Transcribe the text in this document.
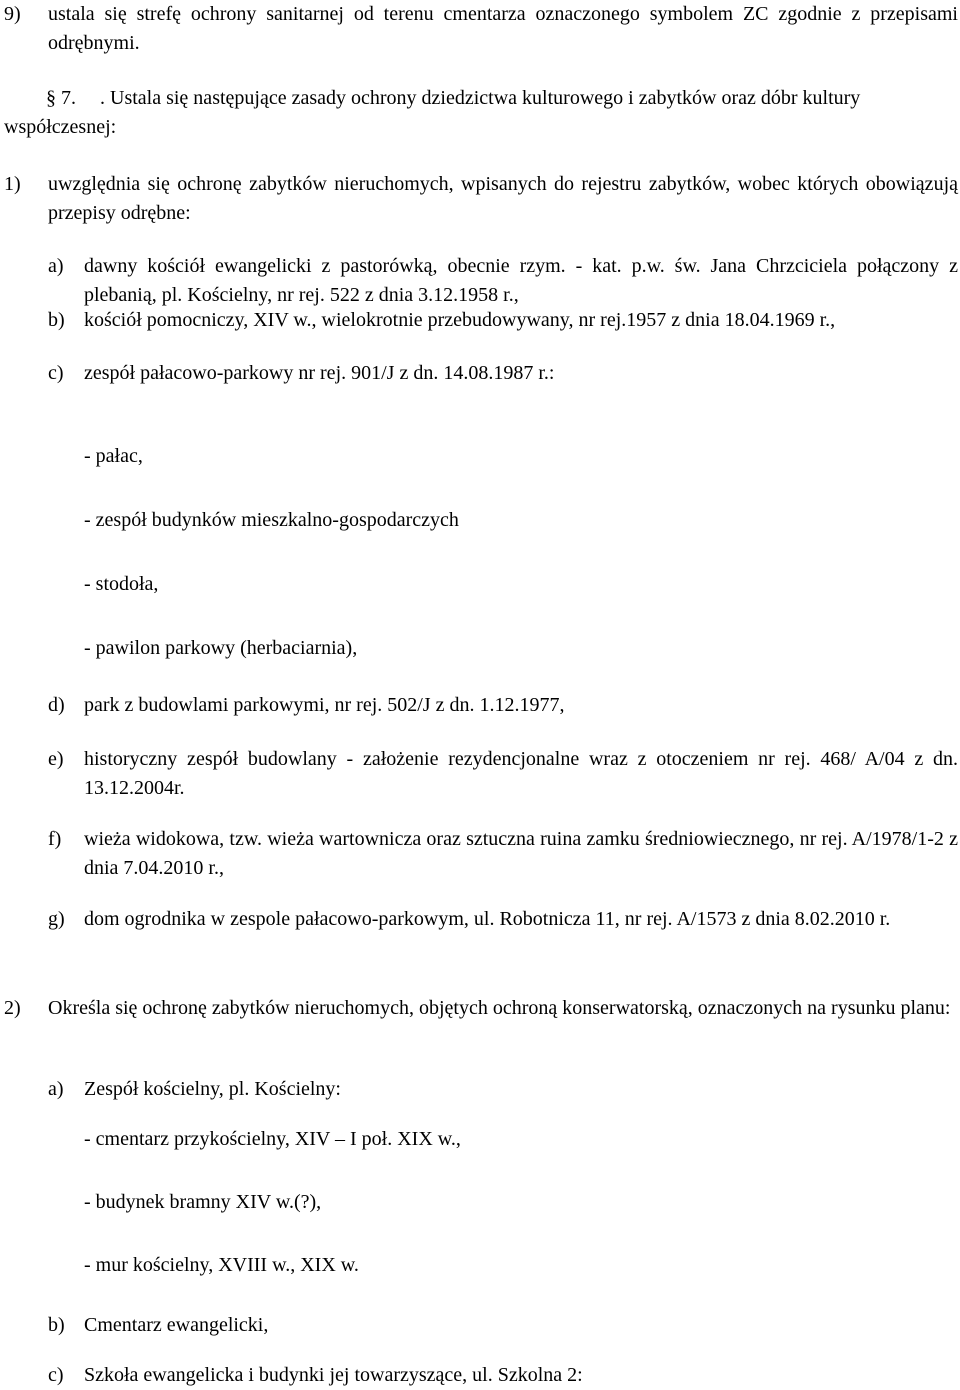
9) ustala się strefę ochrony sanitarnej od terenu cmentarza oznaczonego symbolem ZC zgodnie z przepisami odrębnymi.

§ 7.	. Ustala się następujące zasady ochrony dziedzictwa kulturowego i zabytków oraz dóbr kultury współczesnej:

1) uwzględnia się ochronę zabytków nieruchomych, wpisanych do rejestru zabytków, wobec których obowiązują przepisy odrębne:

a) dawny kościół ewangelicki z pastorówką, obecnie rzym. - kat. p.w. św. Jana Chrzciciela połączony z plebanią, pl. Kościelny, nr rej. 522 z dnia 3.12.1958 r.,

b) kościół pomocniczy, XIV w., wielokrotnie przebudowywany, nr rej.1957 z dnia 18.04.1969 r.,

c) zespół pałacowo-parkowy nr rej. 901/J z dn. 14.08.1987 r.:

- pałac,

- zespół budynków mieszkalno-gospodarczych

- stodoła,

- pawilon parkowy (herbaciarnia),

d) park z budowlami parkowymi, nr rej. 502/J z dn. 1.12.1977,

e) historyczny zespół budowlany - założenie rezydencjonalne wraz z otoczeniem nr rej. 468/ A/04 z dn. 13.12.2004r.

f) wieża widokowa, tzw. wieża wartownicza oraz sztuczna ruina zamku średniowiecznego, nr rej. A/1978/1-2 z dnia 7.04.2010 r.,

g) dom ogrodnika w zespole pałacowo-parkowym, ul. Robotnicza 11, nr rej. A/1573 z dnia 8.02.2010 r.

2) Określa się ochronę zabytków nieruchomych, objętych ochroną konserwatorską, oznaczonych na rysunku planu:

a) Zespół kościelny, pl. Kościelny:

- cmentarz przykościelny, XIV – I poł. XIX w.,

- budynek bramny XIV w.(?),

- mur kościelny, XVIII w., XIX w.

b) Cmentarz ewangelicki,

c) Szkoła ewangelicka i budynki jej towarzyszące, ul. Szkolna 2:
